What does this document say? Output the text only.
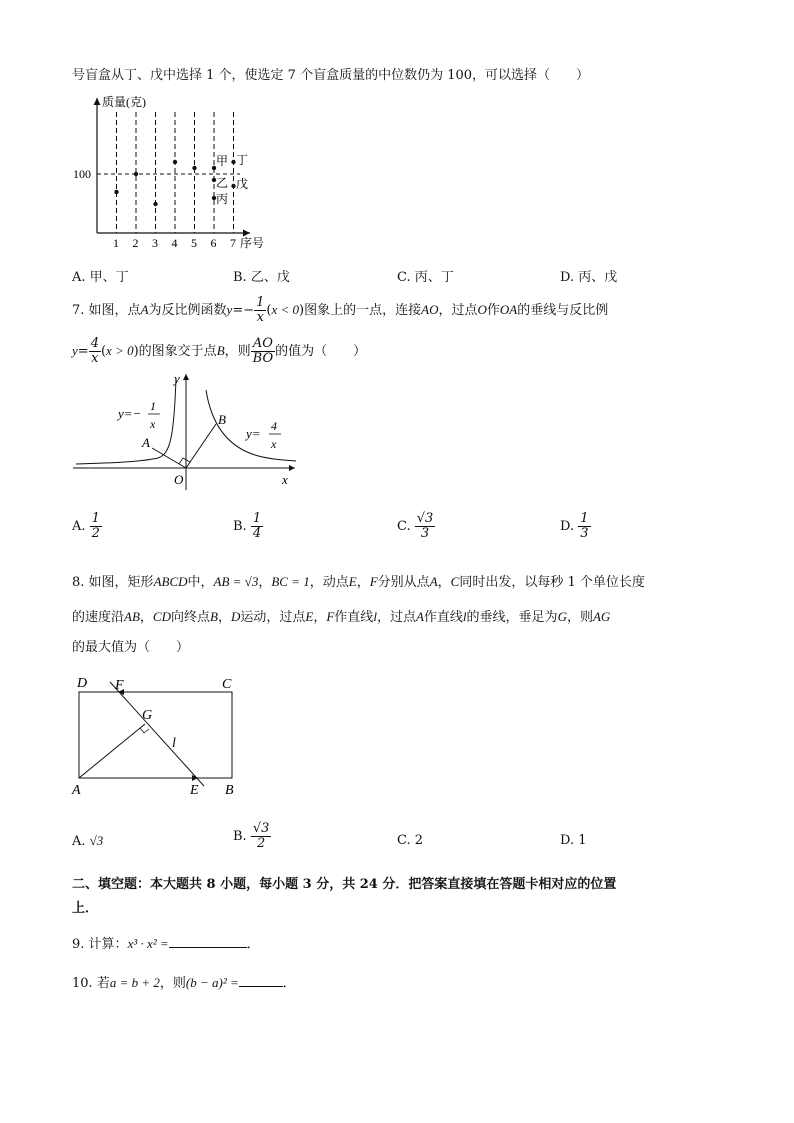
号盲盒从丁、戊中选择 1 个，使选定 7 个盲盒质量的中位数仍为 100，可以选择（　　）
质量(克)
序号
100
1 2 3 4 5 6 7
甲 丁
乙 戊
丙
A. 甲、丁	B. 乙、戊	C. 丙、丁	D. 丙、戊
7. 如图，点A为反比例函数$y=- \frac{1}{x} (x < 0)$图象上的一点，连接AO，过点O作OA的垂线与反比例
$y= \frac{4}{x} (x > 0)$的图象交于点B，则 $\frac{AO}{BO}$ 的值为（　　）
y
x
O
A
B
y=− 1
x
y= 4
x
A. $\frac{1}{2}$	B. $\frac{1}{4}$	C. $\frac{√3}{3}$	D. $\frac{1}{3}$
8. 如图，矩形ABCD中，AB = √3，BC = 1，动点E，F分别从点A，C同时出发，以每秒 1 个单位长度
的速度沿AB，CD向终点B，D运动，过点E，F作直线l，过点A作直线l的垂线，垂足为G，则AG
的最大值为（　　）
D F	C
G
l
A	E B
A. √3	B. $\frac{√3}{2}$	C. 2	D. 1
二、填空题：本大题共 8 小题，每小题 3 分，共 24 分．把答案直接填在答题卡相对应的位置
上．
9. 计算：x³ · x² =	．
10. 若a = b + 2，则(b − a)² =	．
